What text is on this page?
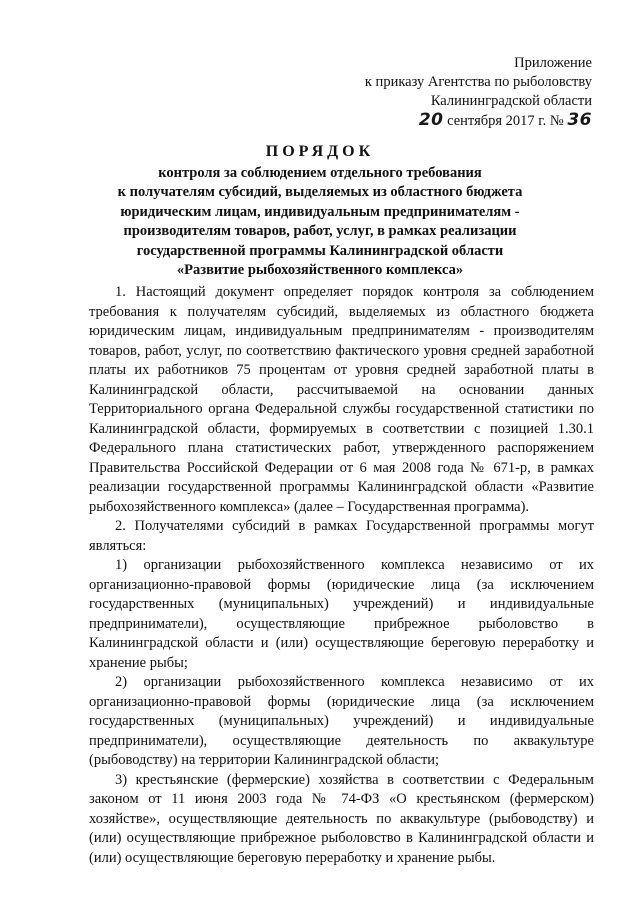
Приложение
к приказу Агентства по рыболовству
Калининградской области
20 сентября 2017 г. № 36
ПОРЯДОК
контроля за соблюдением отдельного требования
к получателям субсидий, выделяемых из областного бюджета
юридическим лицам, индивидуальным предпринимателям -
производителям товаров, работ, услуг, в рамках реализации
государственной программы Калининградской области
«Развитие рыбохозяйственного комплекса»

1. Настоящий документ определяет порядок контроля за соблюдением требования к получателям субсидий, выделяемых из областного бюджета юридическим лицам, индивидуальным предпринимателям - производителям товаров, работ, услуг, по соответствию фактического уровня средней заработной платы их работников 75 процентам от уровня средней заработной платы в Калининградской области, рассчитываемой на основании данных Территориального органа Федеральной службы государственной статистики по Калининградской области, формируемых в соответствии с позицией 1.30.1 Федерального плана статистических работ, утвержденного распоряжением Правительства Российской Федерации от 6 мая 2008 года № 671-р, в рамках реализации государственной программы Калининградской области «Развитие рыбохозяйственного комплекса» (далее – Государственная программа).

2. Получателями субсидий в рамках Государственной программы могут являться:

1) организации рыбохозяйственного комплекса независимо от их организационно-правовой формы (юридические лица (за исключением государственных (муниципальных) учреждений) и индивидуальные предприниматели), осуществляющие прибрежное рыболовство в Калининградской области и (или) осуществляющие береговую переработку и хранение рыбы;

2) организации рыбохозяйственного комплекса независимо от их организационно-правовой формы (юридические лица (за исключением государственных (муниципальных) учреждений) и индивидуальные предприниматели), осуществляющие деятельность по аквакультуре (рыбоводству) на территории Калининградской области;

3) крестьянские (фермерские) хозяйства в соответствии с Федеральным законом от 11 июня 2003 года № 74-ФЗ «О крестьянском (фермерском) хозяйстве», осуществляющие деятельность по аквакультуре (рыбоводству) и (или) осуществляющие прибрежное рыболовство в Калининградской области и (или) осуществляющие береговую переработку и хранение рыбы.
